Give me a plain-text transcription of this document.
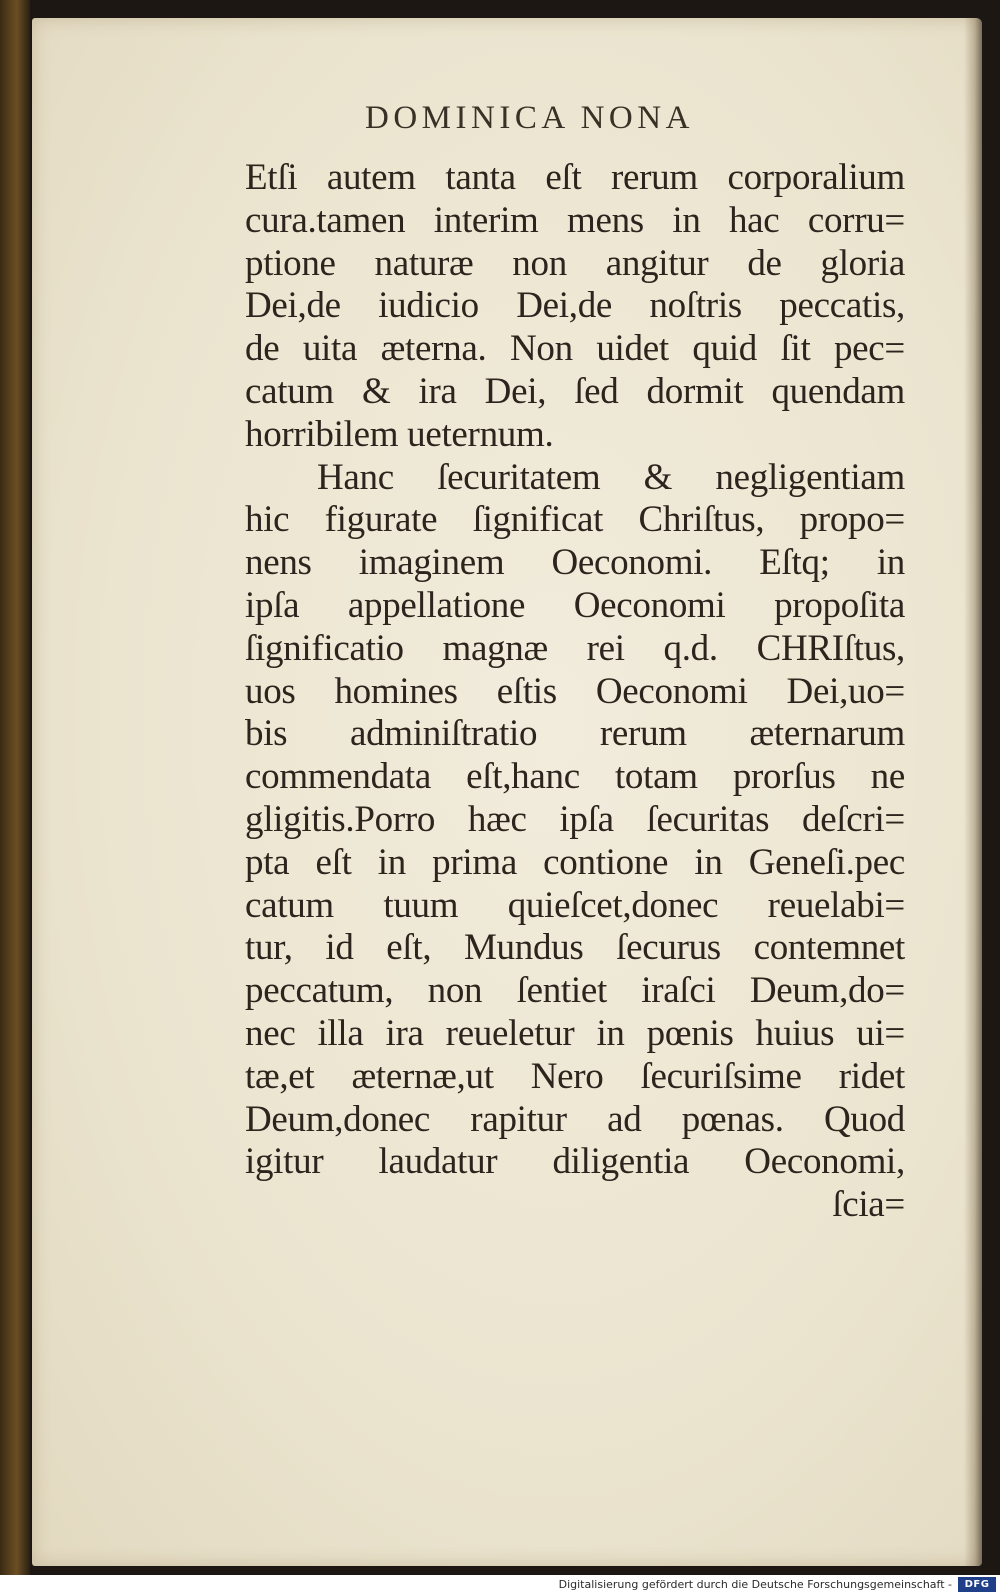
DOMINICA NONA
Etſi autem tanta eſt rerum corporalium
cura.tamen interim mens in hac corru=
ptione naturæ non angitur de gloria
Dei,de iudicio Dei,de noſtris peccatis,
de uita æterna. Non uidet quid ſit pec=
catum & ira Dei, ſed dormit quendam
horribilem ueternum.
Hanc ſecuritatem & negligentiam
hic figurate ſignificat Chriſtus, propo=
nens imaginem Oeconomi. Eſtq; in
ipſa appellatione Oeconomi propoſita
ſignificatio magnæ rei q.d. CHRIſtus,
uos homines eſtis Oeconomi Dei,uo=
bis adminiſtratio rerum æternarum
commendata eſt,hanc totam prorſus ne
gligitis.Porro hæc ipſa ſecuritas deſcri=
pta eſt in prima contione in Geneſi.pec
catum tuum quieſcet,donec reuelabi=
tur, id eſt, Mundus ſecurus contemnet
peccatum, non ſentiet iraſci Deum,do=
nec illa ira reueletur in pœnis huius ui=
tæ,et æternæ,ut Nero ſecuriſsime ridet
Deum,donec rapitur ad pœnas. Quod
igitur laudatur diligentia Oeconomi,
ſcia=
Digitalisierung gefördert durch die Deutsche Forschungsgemeinschaft -	DFG
